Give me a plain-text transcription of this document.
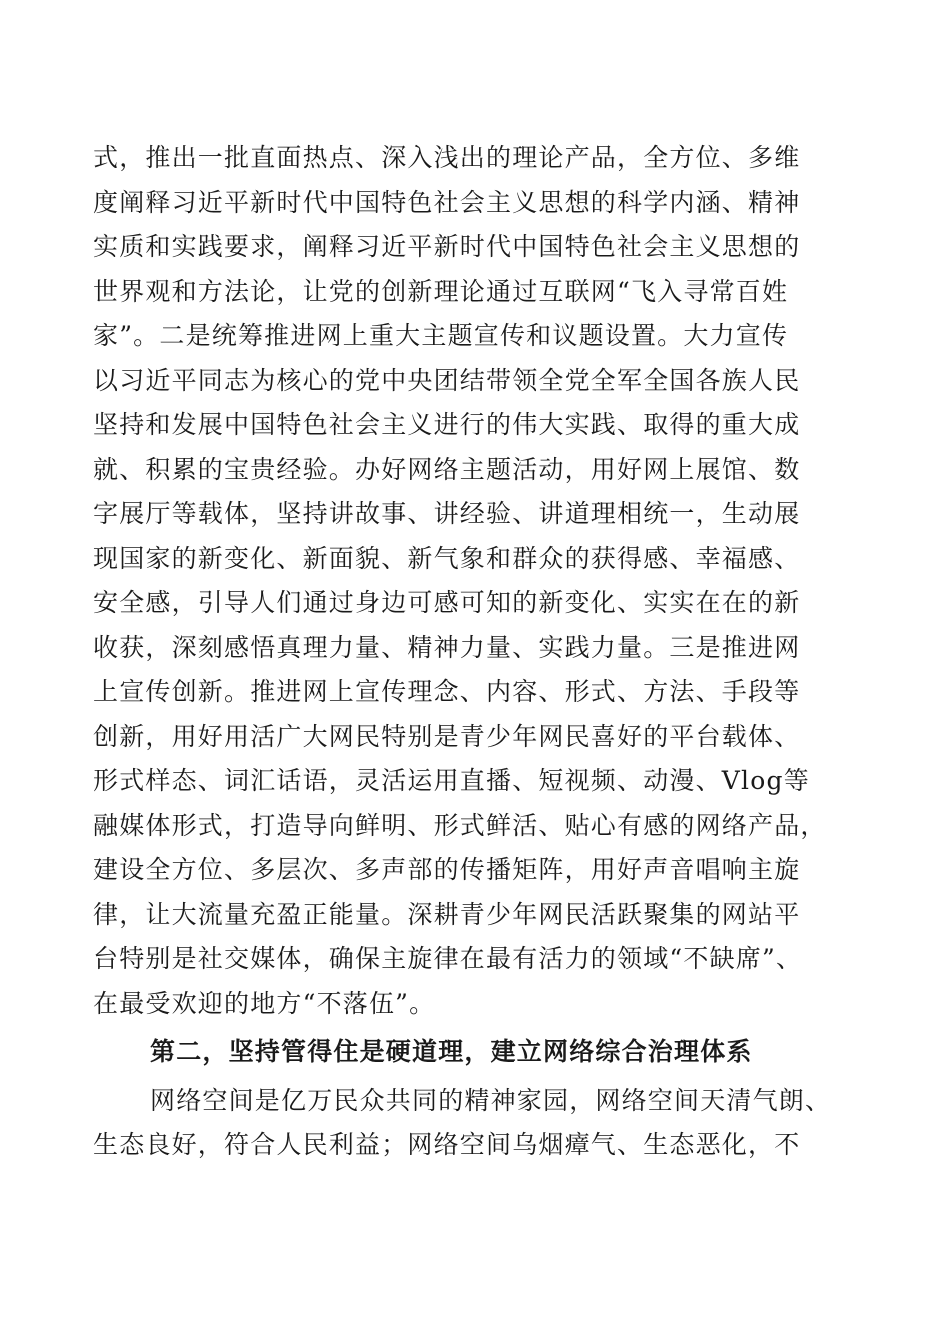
式，推出一批直面热点、深入浅出的理论产品，全方位、多维
度阐释习近平新时代中国特色社会主义思想的科学内涵、精神
实质和实践要求，阐释习近平新时代中国特色社会主义思想的
世界观和方法论，让党的创新理论通过互联网“飞入寻常百姓
家”。二是统筹推进网上重大主题宣传和议题设置。大力宣传
以习近平同志为核心的党中央团结带领全党全军全国各族人民
坚持和发展中国特色社会主义进行的伟大实践、取得的重大成
就、积累的宝贵经验。办好网络主题活动，用好网上展馆、数
字展厅等载体，坚持讲故事、讲经验、讲道理相统一，生动展
现国家的新变化、新面貌、新气象和群众的获得感、幸福感、
安全感，引导人们通过身边可感可知的新变化、实实在在的新
收获，深刻感悟真理力量、精神力量、实践力量。三是推进网
上宣传创新。推进网上宣传理念、内容、形式、方法、手段等
创新，用好用活广大网民特别是青少年网民喜好的平台载体、
形式样态、词汇话语，灵活运用直播、短视频、动漫、Vlog等
融媒体形式，打造导向鲜明、形式鲜活、贴心有感的网络产品，
建设全方位、多层次、多声部的传播矩阵，用好声音唱响主旋
律，让大流量充盈正能量。深耕青少年网民活跃聚集的网站平
台特别是社交媒体，确保主旋律在最有活力的领域“不缺席”、
在最受欢迎的地方“不落伍”。
第二，坚持管得住是硬道理，建立网络综合治理体系
网络空间是亿万民众共同的精神家园，网络空间天清气朗、
生态良好，符合人民利益；网络空间乌烟瘴气、生态恶化，不
